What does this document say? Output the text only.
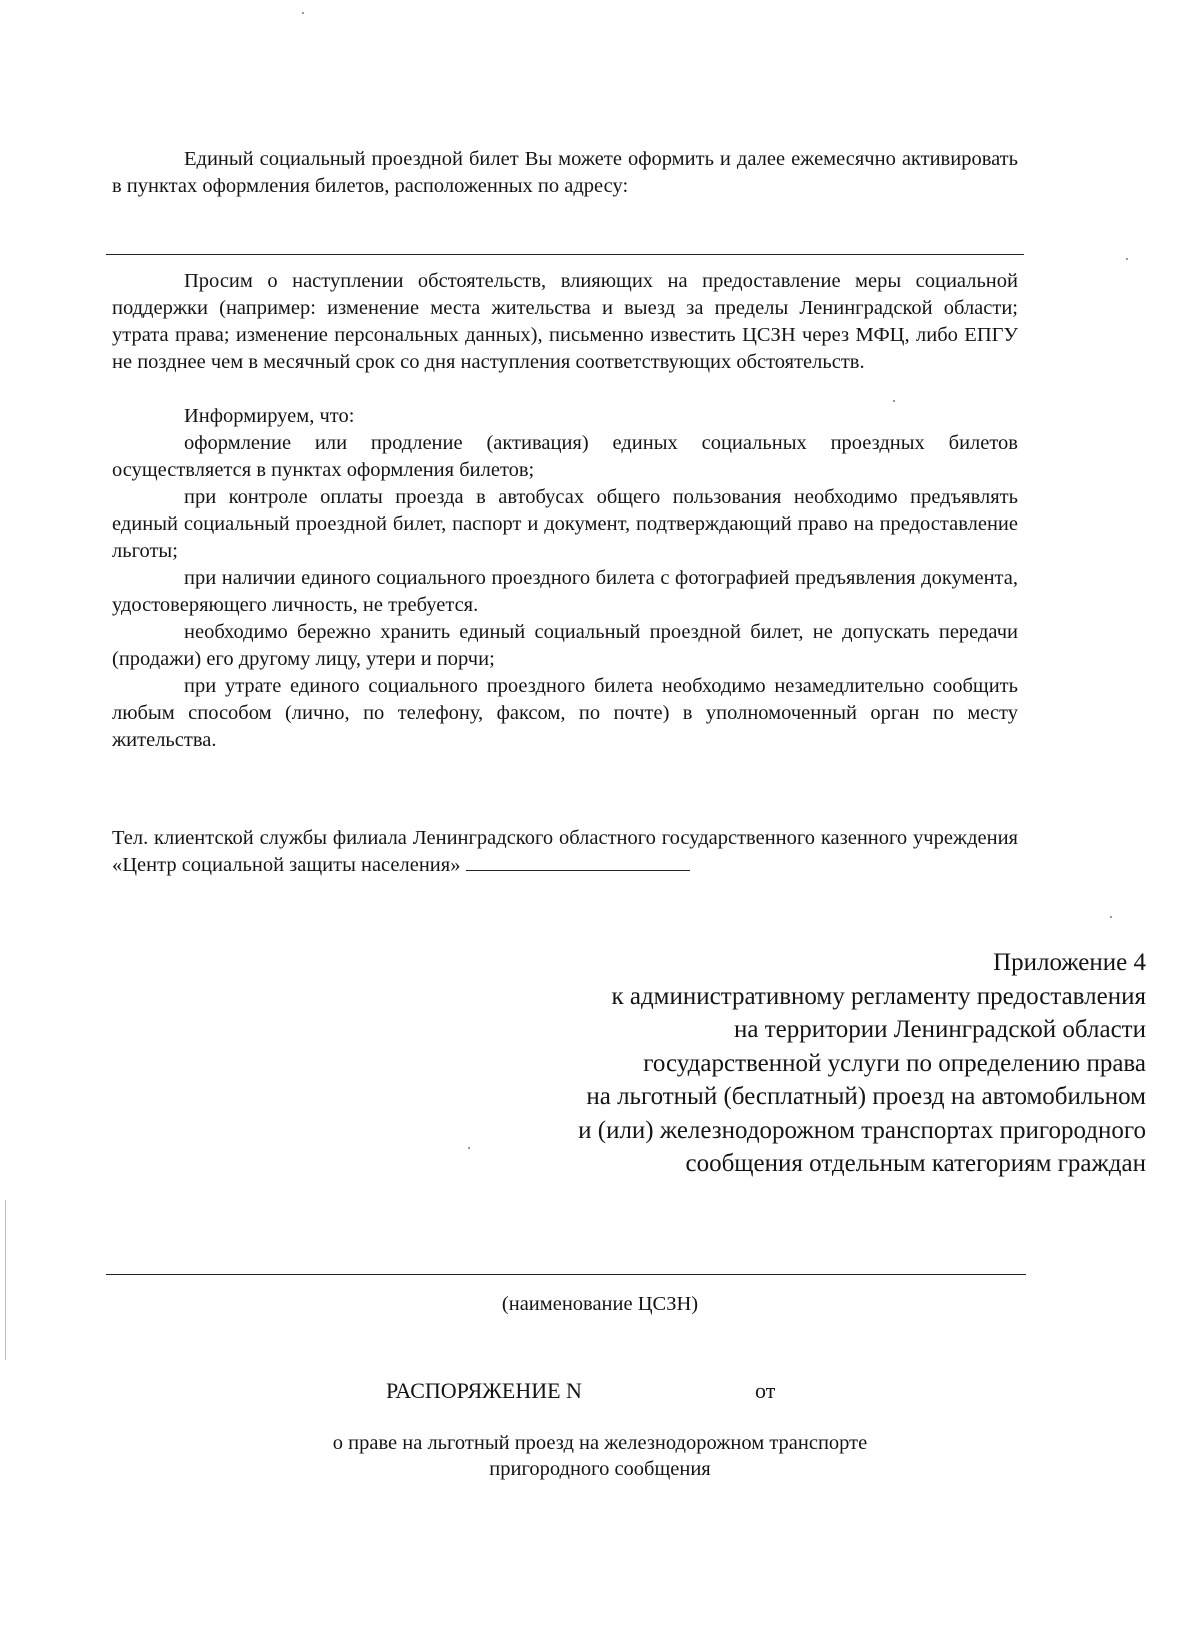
Единый социальный проездной билет Вы можете оформить и далее ежемесячно активировать в пунктах оформления билетов, расположенных по адресу:

Просим о наступлении обстоятельств, влияющих на предоставление меры социальной поддержки (например: изменение места жительства и выезд за пределы Ленинградской области; утрата права; изменение персональных данных), письменно известить ЦСЗН через МФЦ, либо ЕПГУ не позднее чем в месячный срок со дня наступления соответствующих обстоятельств.

Информируем, что:

оформление или продление (активация) единых социальных проездных билетов осуществляется в пунктах оформления билетов;

при контроле оплаты проезда в автобусах общего пользования необходимо предъявлять единый социальный проездной билет, паспорт и документ, подтверждающий право на предоставление льготы;

при наличии единого социального проездного билета с фотографией предъявления документа, удостоверяющего личность, не требуется.

необходимо бережно хранить единый социальный проездной билет, не допускать передачи (продажи) его другому лицу, утери и порчи;

при утрате единого социального проездного билета необходимо незамедлительно сообщить любым способом (лично, по телефону, факсом, по почте) в уполномоченный орган по месту жительства.

Тел. клиентской службы филиала Ленинградского областного государственного казенного учреждения «Центр социальной защиты населения»

Приложение 4
к административному регламенту предоставления
на территории Ленинградской области
государственной услуги по определению права
на льготный (бесплатный) проезд на автомобильном
и (или) железнодорожном транспортах пригородного
сообщения отдельным категориям граждан
(наименование ЦСЗН)
РАСПОРЯЖЕНИЕ N	от
о праве на льготный проезд на железнодорожном транспорте
пригородного сообщения
